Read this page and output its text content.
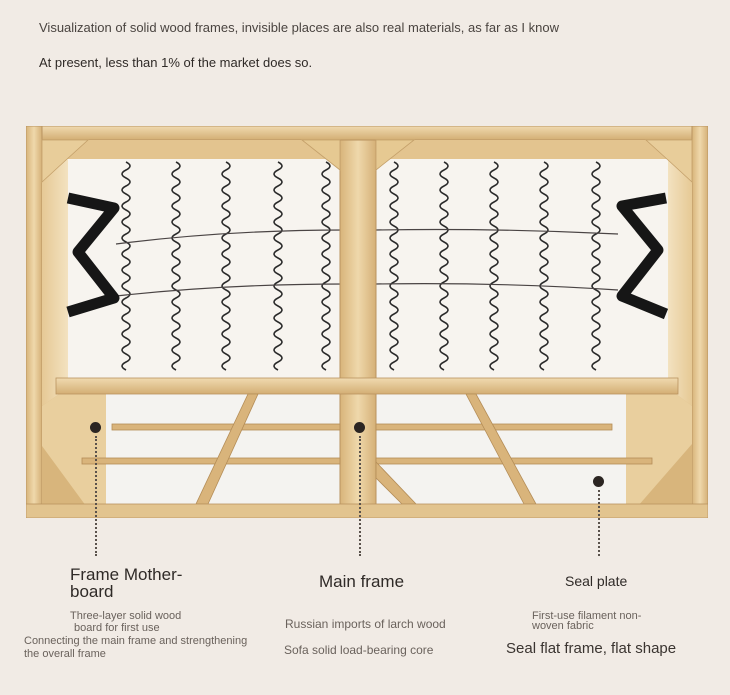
Visualization of solid wood frames, invisible places are also real materials, as far as I know
At present, less than 1% of the market does so.
Frame Mother-
board
Three-layer solid wood
board for first use
Connecting the main frame and strengthening
the overall frame
Main frame
Russian imports of larch wood
Sofa solid load-bearing core
Seal plate
First-use filament non-
woven fabric
Seal flat frame, flat shape
